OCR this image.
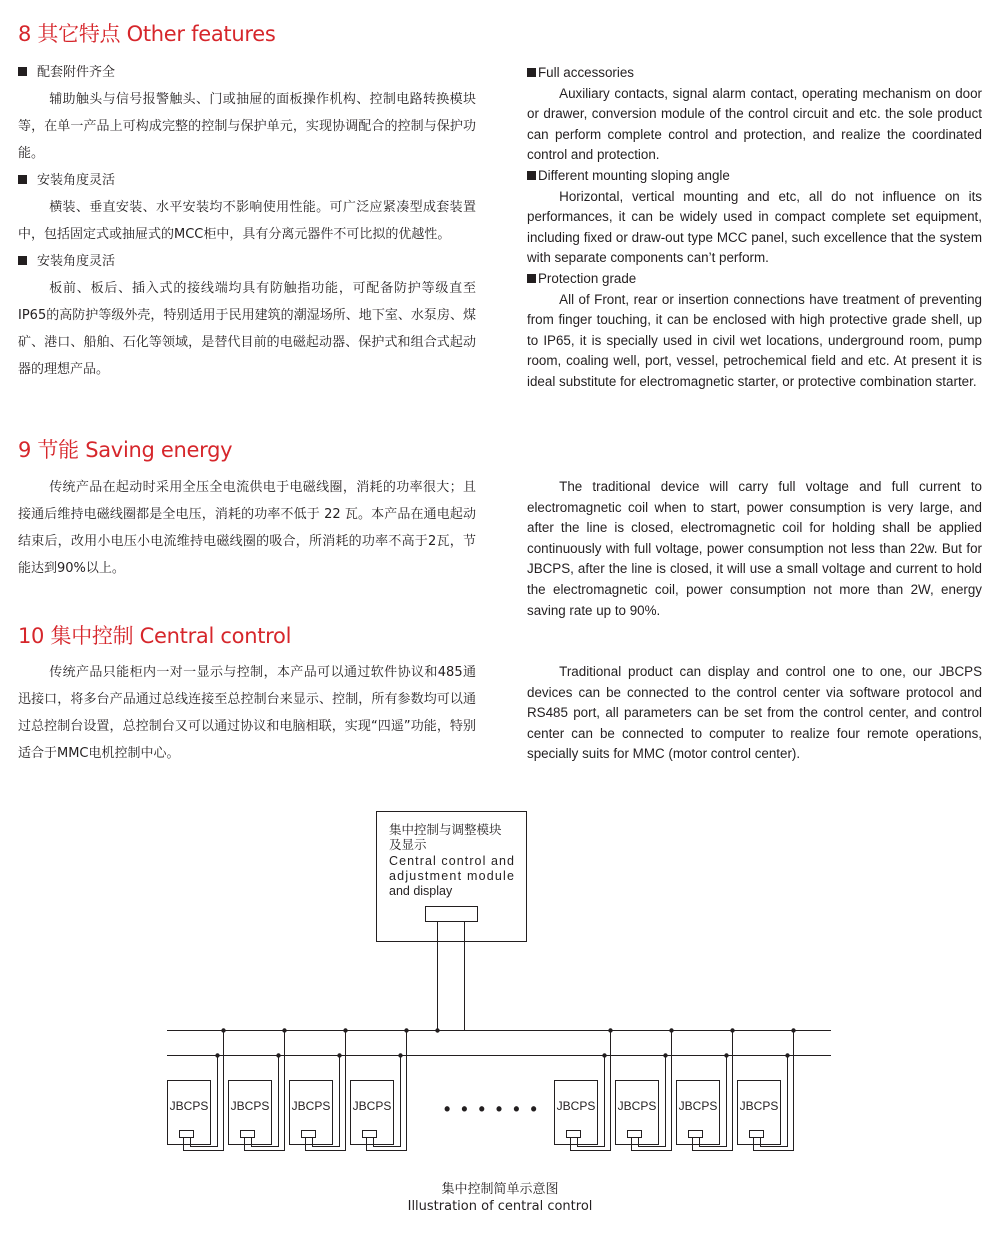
8 其它特点 Other features
配套附件齐全
辅助触头与信号报警触头、门或抽屉的面板操作机构、控制电路转换模块等，在单一产品上可构成完整的控制与保护单元，实现协调配合的控制与保护功能。
安装角度灵活
横装、垂直安装、水平安装均不影响使用性能。可广泛应紧凑型成套装置中，包括固定式或抽屉式的MCC柜中，具有分离元器件不可比拟的优越性。
安装角度灵活
板前、板后、插入式的接线端均具有防触指功能，可配备防护等级直至IP65的高防护等级外壳，特别适用于民用建筑的潮湿场所、地下室、水泵房、煤矿、港口、船舶、石化等领域，是替代目前的电磁起动器、保护式和组合式起动器的理想产品。
Full accessories
Auxiliary contacts, signal alarm contact, operating mechanism on door or drawer, conversion module of the control circuit and etc. the sole product can perform complete control and protection, and realize the coordinated control and protection.
Different mounting sloping angle
Horizontal, vertical mounting and etc, all do not influence on its performances, it can be widely used in compact complete set equipment, including fixed or draw-out type MCC panel, such excellence that the system with separate components can’t perform.
Protection grade
All of Front, rear or insertion connections have treatment of preventing from finger touching, it can be enclosed with high protective grade shell, up to IP65, it is specially used in civil wet locations, underground room, pump room, coaling well, port, vessel, petrochemical field and etc. At present it is ideal substitute for electromagnetic starter, or protective combination starter.
9 节能 Saving energy
传统产品在起动时采用全压全电流供电于电磁线圈，消耗的功率很大；且接通后维持电磁线圈都是全电压，消耗的功率不低于 22 瓦。本产品在通电起动结束后，改用小电压小电流维持电磁线圈的吸合，所消耗的功率不高于2瓦，节能达到90%以上。
The traditional device will carry full voltage and full current to electromagnetic coil when to start, power consumption is very large, and after the line is closed, electromagnetic coil for holding shall be applied continuously with full voltage, power consumption not less than 22w. But for JBCPS, after the line is closed, it will use a small voltage and current to hold the electromagnetic coil, power consumption not more than 2W, energy saving rate up to 90%.
10 集中控制 Central control
传统产品只能柜内一对一显示与控制，本产品可以通过软件协议和485通迅接口，将多台产品通过总线连接至总控制台来显示、控制，所有参数均可以通过总控制台设置，总控制台又可以通过协议和电脑相联，实现“四遥”功能，特别适合于MMC电机控制中心。
Traditional product can display and control one to one, our JBCPS devices can be connected to the control center via software protocol and RS485 port, all parameters can be set from the control center, and control center can be connected to computer to realize four remote operations, specially suits for MMC (motor control center).
JBCPS JBCPS JBCPS JBCPS	JBCPS JBCPS JBCPS JBCPS
集中控制与调整模块
及显示
Central control and
adjustment module
and display
• • • • • •
集中控制简单示意图
Illustration of central control
